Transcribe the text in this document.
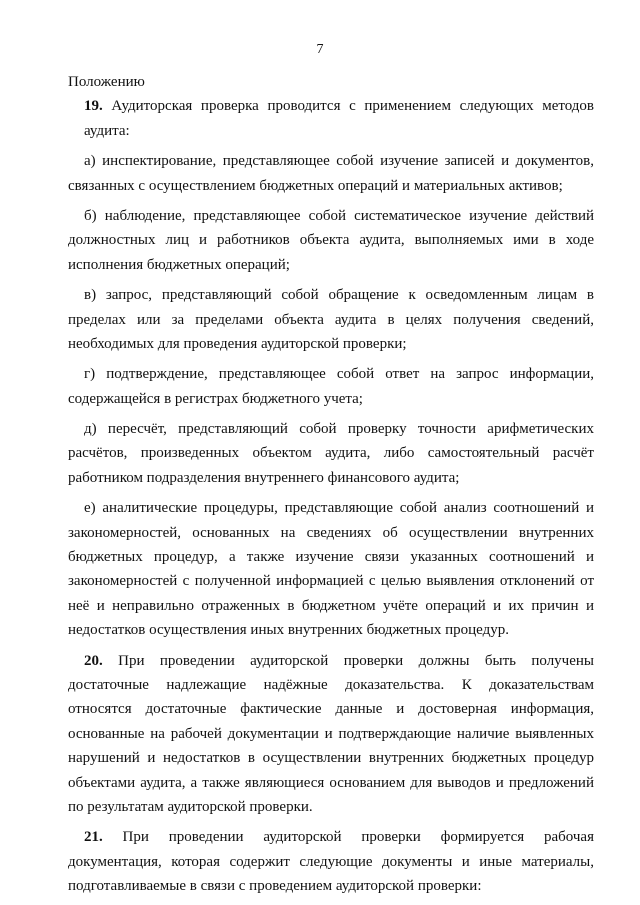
7
Положению
19. Аудиторская проверка проводится с применением следующих методов
аудита:
а) инспектирование, представляющее собой изучение записей и документов,
связанных с осуществлением бюджетных операций и материальных активов;
б) наблюдение, представляющее собой систематическое изучение действий
должностных лиц и работников объекта аудита, выполняемых ими в ходе
исполнения бюджетных операций;
в) запрос, представляющий собой обращение к осведомленным лицам в
пределах или за пределами объекта аудита в целях получения сведений,
необходимых для проведения аудиторской проверки;
г) подтверждение, представляющее собой ответ на запрос информации,
содержащейся в регистрах бюджетного учета;
д) пересчёт, представляющий собой проверку точности арифметических
расчётов, произведенных объектом аудита, либо самостоятельный расчёт
работником подразделения внутреннего финансового аудита;
е) аналитические процедуры, представляющие собой анализ соотношений и
закономерностей, основанных на сведениях об осуществлении внутренних
бюджетных процедур, а также изучение связи указанных соотношений и
закономерностей с полученной информацией с целью выявления отклонений от
неё и неправильно отраженных в бюджетном учёте операций и их причин и
недостатков осуществления иных внутренних бюджетных процедур.
20. При проведении аудиторской проверки должны быть получены
достаточные надлежащие надёжные доказательства. К доказательствам
относятся достаточные фактические данные и достоверная информация,
основанные на рабочей документации и подтверждающие наличие выявленных
нарушений и недостатков в осуществлении внутренних бюджетных процедур
объектами аудита, а также являющиеся основанием для выводов и предложений
по результатам аудиторской проверки.
21. При проведении аудиторской проверки формируется рабочая
документация, которая содержит следующие документы и иные материалы,
подготавливаемые в связи с проведением аудиторской проверки:
